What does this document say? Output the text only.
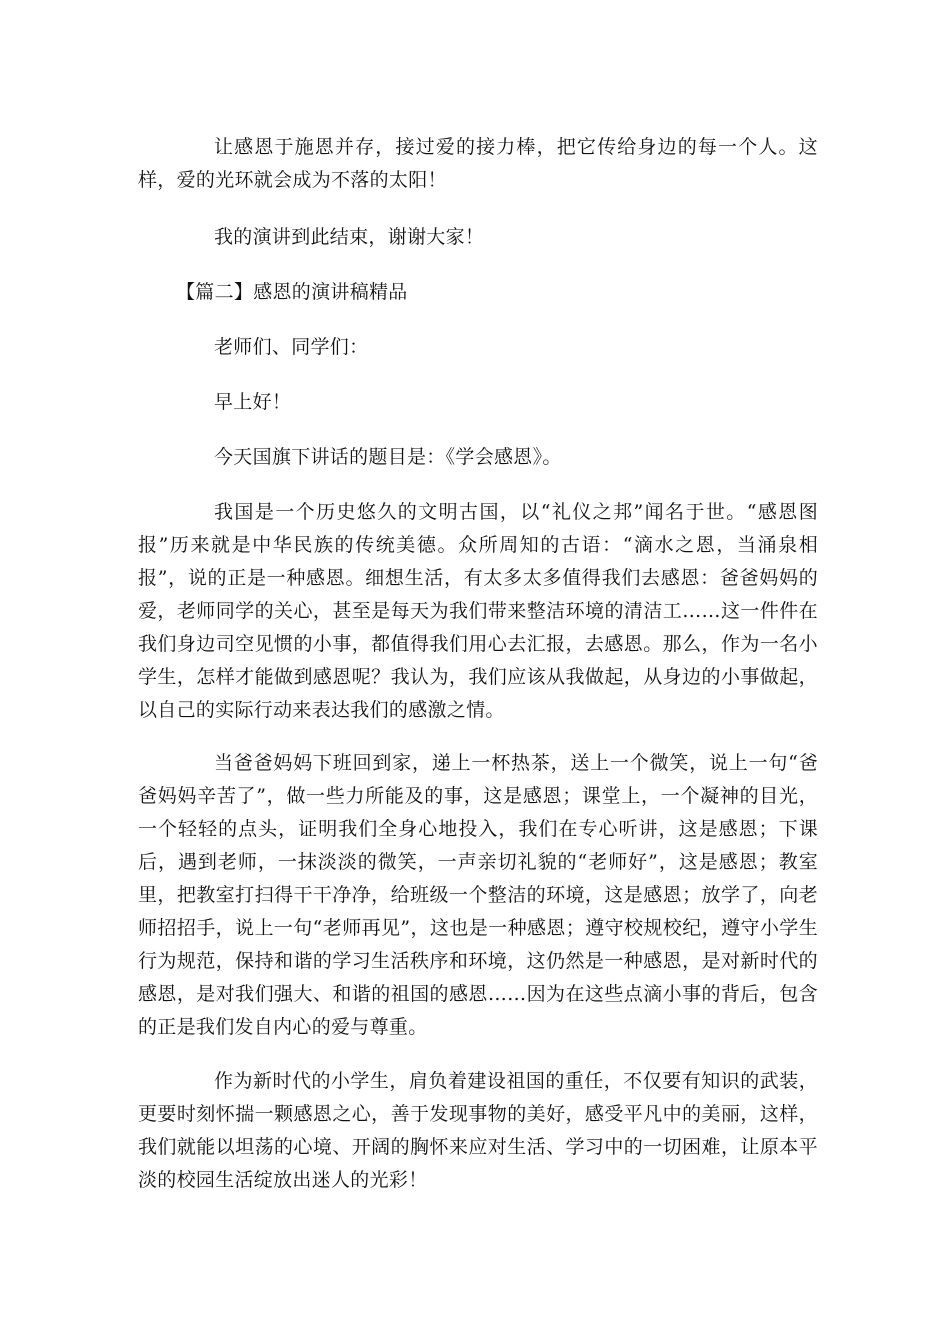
让感恩于施恩并存，接过爱的接力棒，把它传给身边的每一个人。这样，爱的光环就会成为不落的太阳！

我的演讲到此结束，谢谢大家！

【篇二】感恩的演讲稿精品

老师们、同学们：

早上好！

今天国旗下讲话的题目是：《学会感恩》。

我国是一个历史悠久的文明古国，以“礼仪之邦”闻名于世。“感恩图报”历来就是中华民族的传统美德。众所周知的古语：“滴水之恩，当涌泉相报”，说的正是一种感恩。细想生活，有太多太多值得我们去感恩：爸爸妈妈的爱，老师同学的关心，甚至是每天为我们带来整洁环境的清洁工……这一件件在我们身边司空见惯的小事，都值得我们用心去汇报，去感恩。那么，作为一名小学生，怎样才能做到感恩呢？我认为，我们应该从我做起，从身边的小事做起，以自己的实际行动来表达我们的感激之情。

当爸爸妈妈下班回到家，递上一杯热茶，送上一个微笑，说上一句“爸爸妈妈辛苦了”，做一些力所能及的事，这是感恩；课堂上，一个凝神的目光，一个轻轻的点头，证明我们全身心地投入，我们在专心听讲，这是感恩；下课后，遇到老师，一抹淡淡的微笑，一声亲切礼貌的“老师好”，这是感恩；教室里，把教室打扫得干干净净，给班级一个整洁的环境，这是感恩；放学了，向老师招招手，说上一句“老师再见”，这也是一种感恩；遵守校规校纪，遵守小学生行为规范，保持和谐的学习生活秩序和环境，这仍然是一种感恩，是对新时代的感恩，是对我们强大、和谐的祖国的感恩……因为在这些点滴小事的背后，包含的正是我们发自内心的爱与尊重。

作为新时代的小学生，肩负着建设祖国的重任，不仅要有知识的武装，更要时刻怀揣一颗感恩之心，善于发现事物的美好，感受平凡中的美丽，这样，我们就能以坦荡的心境、开阔的胸怀来应对生活、学习中的一切困难，让原本平淡的校园生活绽放出迷人的光彩！
